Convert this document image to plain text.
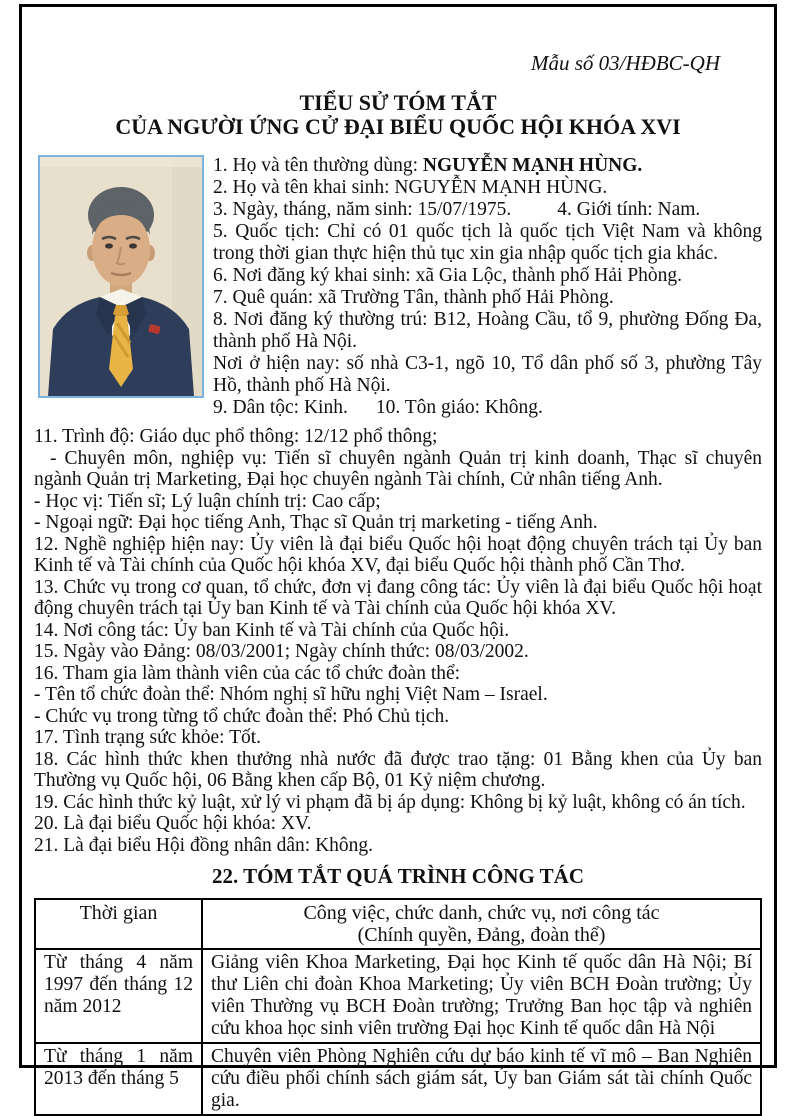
Mẫu số 03/HĐBC-QH
TIỂU SỬ TÓM TẮT
CỦA NGƯỜI ỨNG CỬ ĐẠI BIỂU QUỐC HỘI KHÓA XVI

1. Họ và tên thường dùng: NGUYỄN MẠNH HÙNG.

2. Họ và tên khai sinh: NGUYỄN MẠNH HÙNG.

3. Ngày, tháng, năm sinh: 15/07/1975. 4. Giới tính: Nam.

5. Quốc tịch: Chỉ có 01 quốc tịch là quốc tịch Việt Nam và không trong thời gian thực hiện thủ tục xin gia nhập quốc tịch gia khác.

6. Nơi đăng ký khai sinh: xã Gia Lộc, thành phố Hải Phòng.

7. Quê quán: xã Trường Tân, thành phố Hải Phòng.

8. Nơi đăng ký thường trú: B12, Hoàng Cầu, tổ 9, phường Đống Đa, thành phố Hà Nội.

Nơi ở hiện nay: số nhà C3-1, ngõ 10, Tổ dân phố số 3, phường Tây Hồ, thành phố Hà Nội.

9. Dân tộc: Kinh. 10. Tôn giáo: Không.

11. Trình độ: Giáo dục phổ thông: 12/12 phổ thông;

- Chuyên môn, nghiệp vụ: Tiến sĩ chuyên ngành Quản trị kinh doanh, Thạc sĩ chuyên ngành Quản trị Marketing, Đại học chuyên ngành Tài chính, Cử nhân tiếng Anh.

- Học vị: Tiến sĩ; Lý luận chính trị: Cao cấp;

- Ngoại ngữ: Đại học tiếng Anh, Thạc sĩ Quản trị marketing - tiếng Anh.

12. Nghề nghiệp hiện nay: Ủy viên là đại biểu Quốc hội hoạt động chuyên trách tại Ủy ban Kinh tế và Tài chính của Quốc hội khóa XV, đại biểu Quốc hội thành phố Cần Thơ.

13. Chức vụ trong cơ quan, tổ chức, đơn vị đang công tác: Ủy viên là đại biểu Quốc hội hoạt động chuyên trách tại Ủy ban Kinh tế và Tài chính của Quốc hội khóa XV.

14. Nơi công tác: Ủy ban Kinh tế và Tài chính của Quốc hội.

15. Ngày vào Đảng: 08/03/2001; Ngày chính thức: 08/03/2002.

16. Tham gia làm thành viên của các tổ chức đoàn thể:

- Tên tổ chức đoàn thể: Nhóm nghị sĩ hữu nghị Việt Nam – Israel.

- Chức vụ trong từng tổ chức đoàn thể: Phó Chủ tịch.

17. Tình trạng sức khỏe: Tốt.

18. Các hình thức khen thưởng nhà nước đã được trao tặng: 01 Bằng khen của Ủy ban Thường vụ Quốc hội, 06 Bằng khen cấp Bộ, 01 Kỷ niệm chương.

19. Các hình thức kỷ luật, xử lý vi phạm đã bị áp dụng: Không bị kỷ luật, không có án tích.

20. Là đại biểu Quốc hội khóa: XV.

21. Là đại biểu Hội đồng nhân dân: Không.

22. TÓM TẮT QUÁ TRÌNH CÔNG TÁC
Thời gian	Công việc, chức danh, chức vụ, nơi công tác
(Chính quyền, Đảng, đoàn thể)

Từ tháng 4 năm 1997 đến tháng 12 năm 2012	Giảng viên Khoa Marketing, Đại học Kinh tế quốc dân Hà Nội; Bí thư Liên chi đoàn Khoa Marketing; Ủy viên BCH Đoàn trường; Ủy viên Thường vụ BCH Đoàn trường; Trưởng Ban học tập và nghiên cứu khoa học sinh viên trường Đại học Kinh tế quốc dân Hà Nội
Từ tháng 1 năm 2013 đến tháng 5	Chuyên viên Phòng Nghiên cứu dự báo kinh tế vĩ mô – Ban Nghiên cứu điều phối chính sách giám sát, Ủy ban Giám sát tài chính Quốc gia.
